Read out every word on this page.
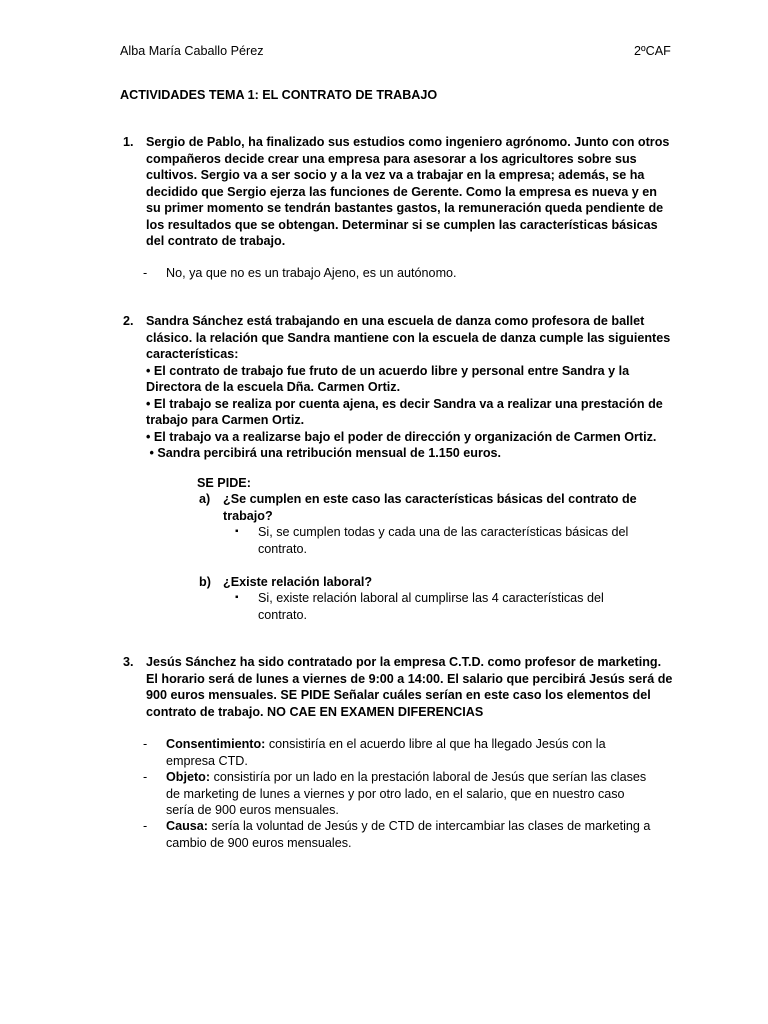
Alba María Caballo Pérez	2ºCAF
ACTIVIDADES TEMA 1: EL CONTRATO DE TRABAJO
1. Sergio de Pablo, ha finalizado sus estudios como ingeniero agrónomo. Junto con otros
compañeros decide crear una empresa para asesorar a los agricultores sobre sus
cultivos. Sergio va a ser socio y a la vez va a trabajar en la empresa; además, se ha
decidido que Sergio ejerza las funciones de Gerente. Como la empresa es nueva y en
su primer momento se tendrán bastantes gastos, la remuneración queda pendiente de
los resultados que se obtengan. Determinar si se cumplen las características básicas
del contrato de trabajo.
- No, ya que no es un trabajo Ajeno, es un autónomo.
2. Sandra Sánchez está trabajando en una escuela de danza como profesora de ballet
clásico. la relación que Sandra mantiene con la escuela de danza cumple las siguientes
características:
• El contrato de trabajo fue fruto de un acuerdo libre y personal entre Sandra y la
Directora de la escuela Dña. Carmen Ortiz.
• El trabajo se realiza por cuenta ajena, es decir Sandra va a realizar una prestación de
trabajo para Carmen Ortiz.
• El trabajo va a realizarse bajo el poder de dirección y organización de Carmen Ortiz.
• Sandra percibirá una retribución mensual de 1.150 euros.
SE PIDE:
a) ¿Se cumplen en este caso las características básicas del contrato de
trabajo?
▪ Si, se cumplen todas y cada una de las características básicas del
contrato.
b) ¿Existe relación laboral?
▪ Si, existe relación laboral al cumplirse las 4 características del
contrato.
3. Jesús Sánchez ha sido contratado por la empresa C.T.D. como profesor de marketing.
El horario será de lunes a viernes de 9:00 a 14:00. El salario que percibirá Jesús será de
900 euros mensuales. SE PIDE Señalar cuáles serían en este caso los elementos del
contrato de trabajo. NO CAE EN EXAMEN DIFERENCIAS
- Consentimiento: consistiría en el acuerdo libre al que ha llegado Jesús con la
empresa CTD.
- Objeto: consistiría por un lado en la prestación laboral de Jesús que serían las clases
de marketing de lunes a viernes y por otro lado, en el salario, que en nuestro caso
sería de 900 euros mensuales.
- Causa: sería la voluntad de Jesús y de CTD de intercambiar las clases de marketing a
cambio de 900 euros mensuales.
